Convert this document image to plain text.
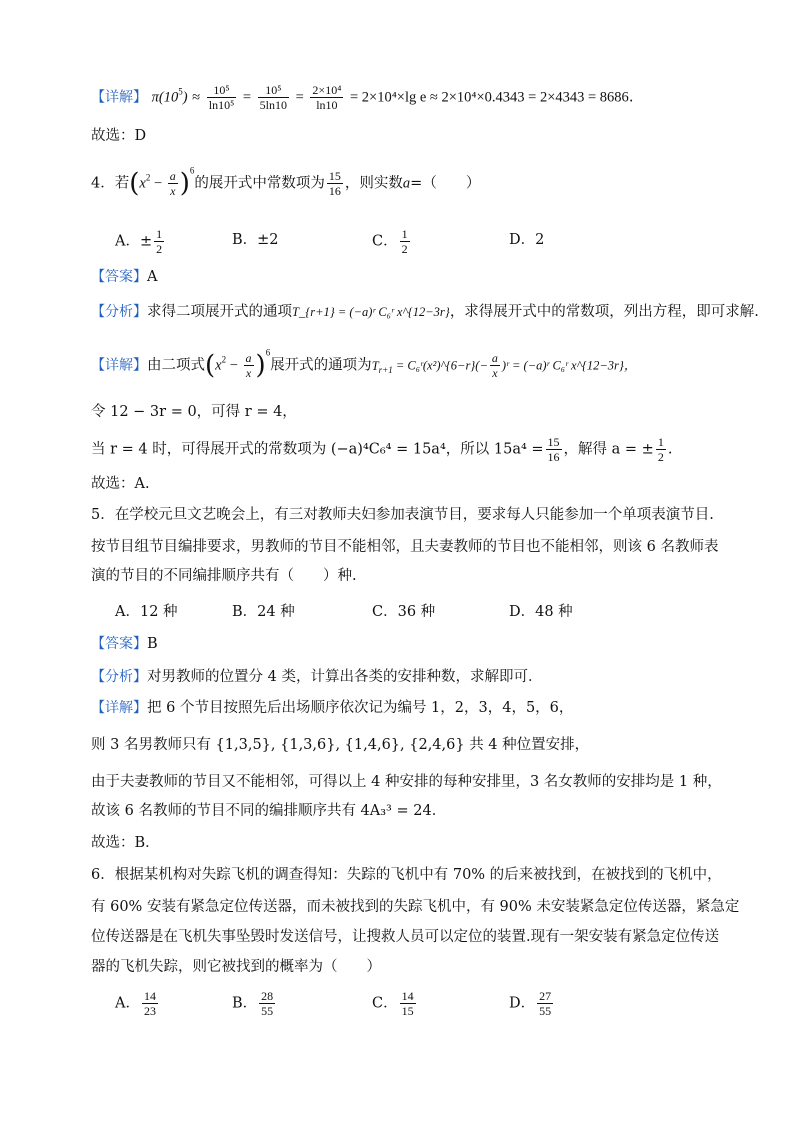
【详解】 $\pi(10^5) \approx \frac{\text{10⁵}}{\text{ln10⁵}} = \frac{\text{10⁵}}{5\ln 10} = \frac{\text{2×10⁴}}{\ln 10} = 2\times 10^4\times\lg$ e ≈ 2×10⁴×0.4343 = 2×4343 = 8686.
故选：D
4．若$(x^2 - \frac{a}{x} )^6$的展开式中常数项为 $\frac{15}{16}$ ，则实数a=（　　）
A．± $\frac{1}{2}$	B．±2	C． $\frac{1}{2}$	D．2
【答案】A
【分析】求得二项展开式的通项T_{r+1} = (−a)ʳ C₆ʳ x^{12−3r}，求得展开式中的常数项，列出方程，即可求解.
【详解】由二项式$(x^2 - \frac{a}{x} )^6$展开式的通项为$T_{r+1}$ = C₆ʳ(x²)^{6−r}(− $\frac{a}{x}$ )ʳ = (−a)ʳ C₆ʳ x^{12−3r}，
令 12 − 3r = 0，可得 r = 4，
当 r = 4 时，可得展开式的常数项为 (−a)⁴C₆⁴ = 15a⁴，所以 $15a^4 = \frac{15}{16}$ ，解得 a = ± $\frac{1}{2}$ .
故选：A.
5．在学校元旦文艺晚会上，有三对教师夫妇参加表演节目，要求每人只能参加一个单项表演节目.
按节目组节目编排要求，男教师的节目不能相邻，且夫妻教师的节目也不能相邻，则该 6 名教师表
演的节目的不同编排顺序共有（　　）种.
A．12 种	B．24 种	C．36 种	D．48 种
【答案】B
【分析】对男教师的位置分 4 类，计算出各类的安排种数，求解即可．
【详解】把 6 个节目按照先后出场顺序依次记为编号 1，2，3，4，5，6，
则 3 名男教师只有 {1,3,5}, {1,3,6}, {1,4,6}, {2,4,6} 共 4 种位置安排，
由于夫妻教师的节目又不能相邻，可得以上 4 种安排的每种安排里，3 名女教师的安排均是 1 种，
故该 6 名教师的节目不同的编排顺序共有 4A₃³ = 24．
故选：B．
6．根据某机构对失踪飞机的调查得知：失踪的飞机中有 70% 的后来被找到，在被找到的飞机中，
有 60% 安装有紧急定位传送器，而未被找到的失踪飞机中，有 90% 未安装紧急定位传送器，紧急定
位传送器是在飞机失事坠毁时发送信号，让搜救人员可以定位的装置.现有一架安装有紧急定位传送
器的飞机失踪，则它被找到的概率为（　　）
A． $\frac{14}{23}$	B． $\frac{28}{55}$	C． $\frac{14}{15}$	D． $\frac{27}{55}$
